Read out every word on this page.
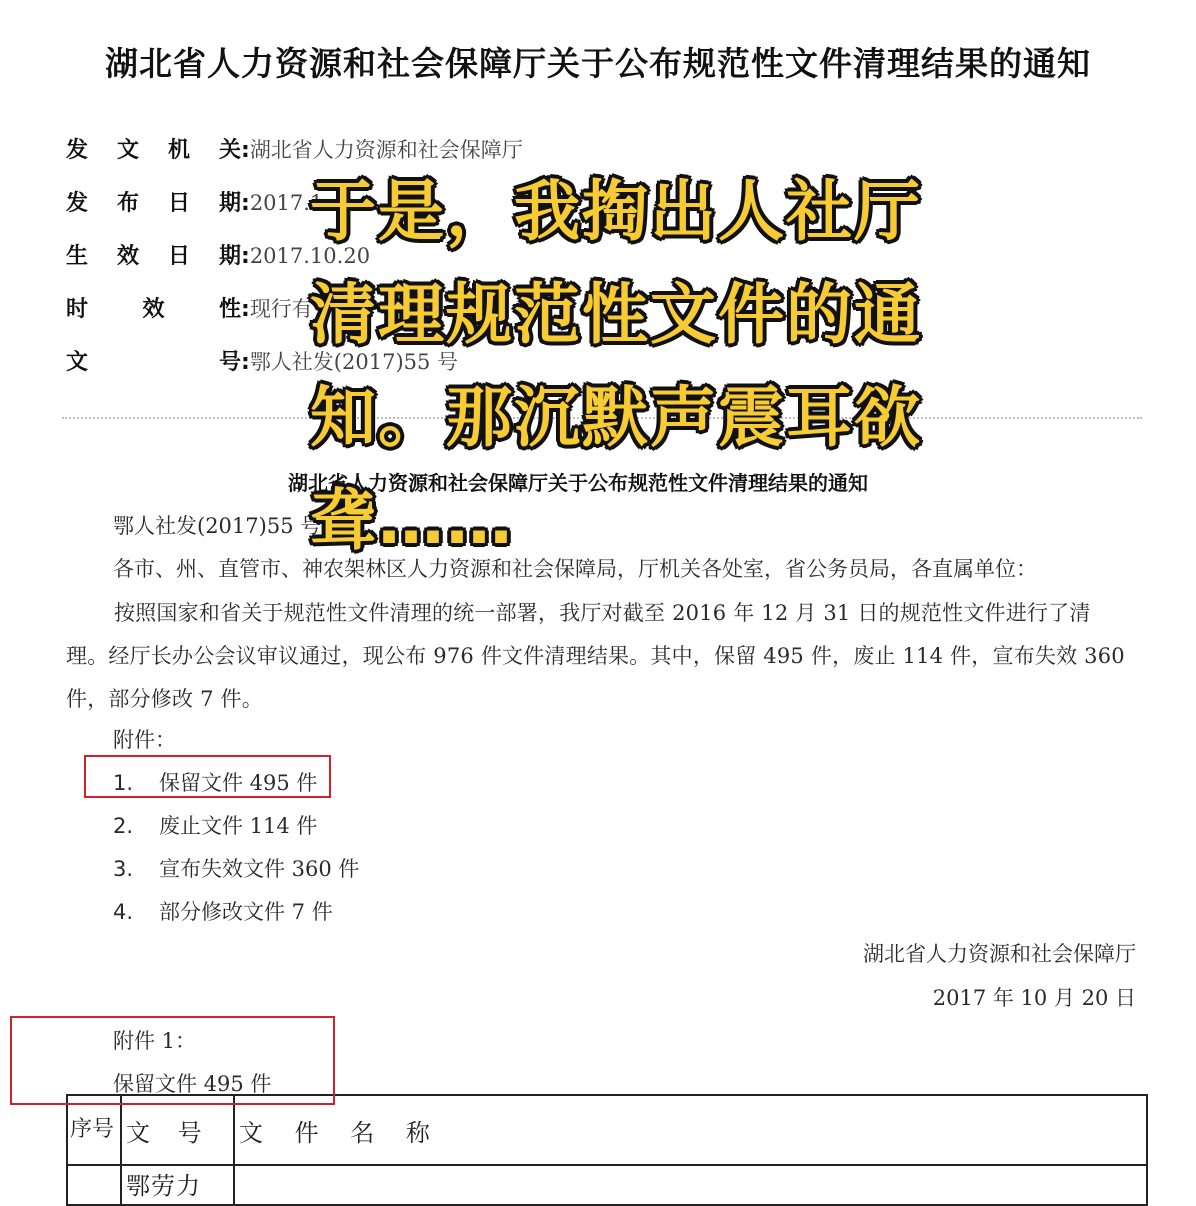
湖北省人力资源和社会保障厅关于公布规范性文件清理结果的通知
发 文 机 关 : 湖北省人力资源和社会保障厅
发 布 日 期 : 2017.1
生 效 日 期 : 2017.10.20
时 效 性 : 现行有
文	号 : 鄂人社发(2017)55 号
湖北省人力资源和社会保障厅关于公布规范性文件清理结果的通知
鄂人社发(2017)55 号
各市、州、直管市、神农架林区人力资源和社会保障局，厅机关各处室，省公务员局，各直属单位：
按照国家和省关于规范性文件清理的统一部署，我厅对截至 2016 年 12 月 31 日的规范性文件进行了清理。经厅长办公会议审议通过，现公布 976 件文件清理结果。其中，保留 495 件，废止 114 件，宣布失效 360 件，部分修改 7 件。
附件：
1. 保留文件 495 件
2. 废止文件 114 件
3. 宣布失效文件 360 件
4. 部分修改文件 7 件
湖北省人力资源和社会保障厅
2017 年 10 月 20 日
附件 1：
保留文件 495 件
序号	文 号	文 件 名 称
	鄂劳力	
于是，我掏出人社厅清理规范性文件的通知。那沉默声震耳欲聋……
